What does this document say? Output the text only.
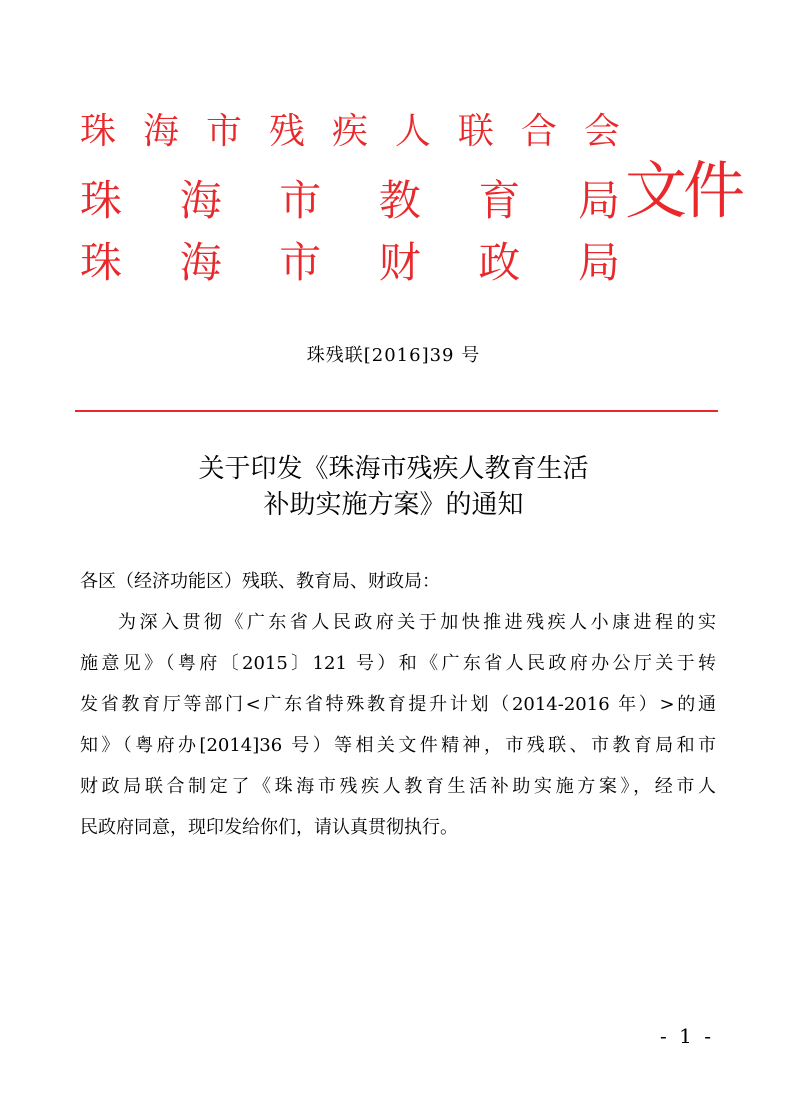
珠 海 市 残 疾 人 联 合 会
珠 海 市 教 育 局
珠 海 市 财 政 局
文件
珠残联[2016]39 号
关于印发《珠海市残疾人教育生活
补助实施方案》的通知
各区（经济功能区）残联、教育局、财政局：
为深入贯彻《广东省人民政府关于加快推进残疾人小康进程的实
施意见》（粤府〔2015〕121 号）和《广东省人民政府办公厅关于转
发省教育厅等部门<广东省特殊教育提升计划（2014-2016 年）>的通
知》（粤府办[2014]36 号）等相关文件精神，市残联、市教育局和市
财政局联合制定了《珠海市残疾人教育生活补助实施方案》，经市人
民政府同意，现印发给你们，请认真贯彻执行。
- 1 -
